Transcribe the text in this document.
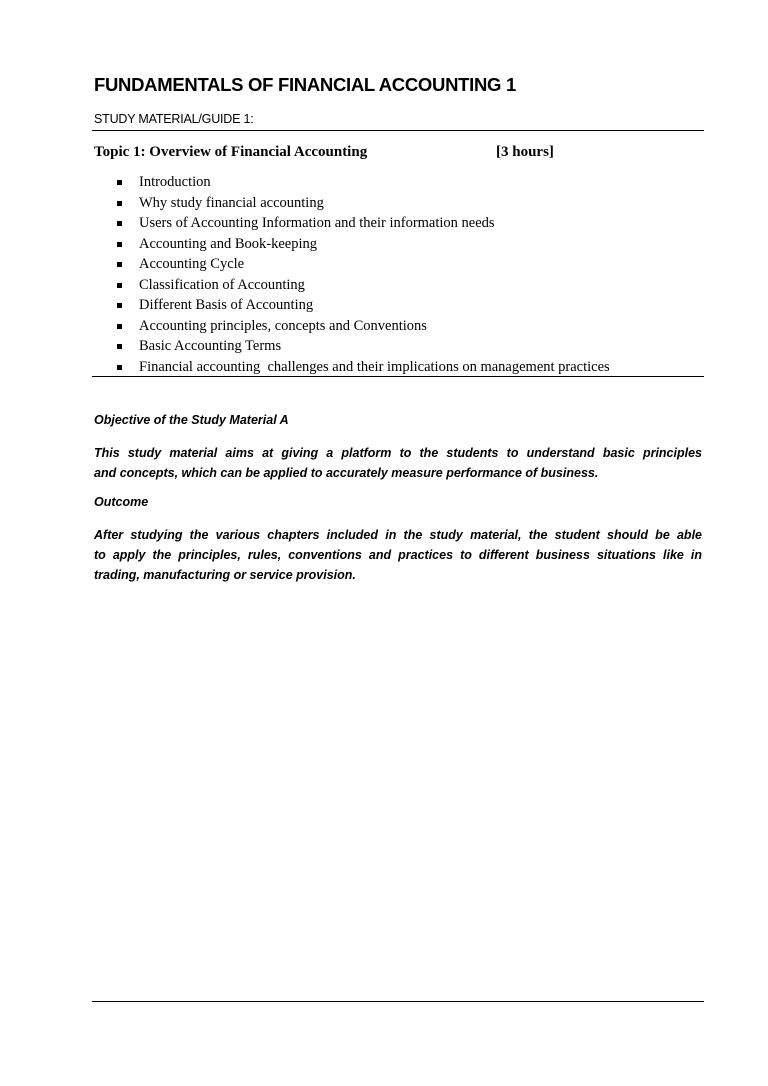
FUNDAMENTALS OF FINANCIAL ACCOUNTING 1
STUDY MATERIAL/GUIDE 1:
Topic 1: Overview of Financial Accounting	[3 hours]
Introduction
Why study financial accounting
Users of Accounting Information and their information needs
Accounting and Book-keeping
Accounting Cycle
Classification of Accounting
Different Basis of Accounting
Accounting principles, concepts and Conventions
Basic Accounting Terms
Financial accounting  challenges and their implications on management practices
Objective of the Study Material A
This study material aims at giving a platform to the students to understand basic principles
and concepts, which can be applied to accurately measure performance of business.
Outcome
After studying the various chapters included in the study material, the student should be able
to apply the principles, rules, conventions and practices to different business situations like in
trading, manufacturing or service provision.
